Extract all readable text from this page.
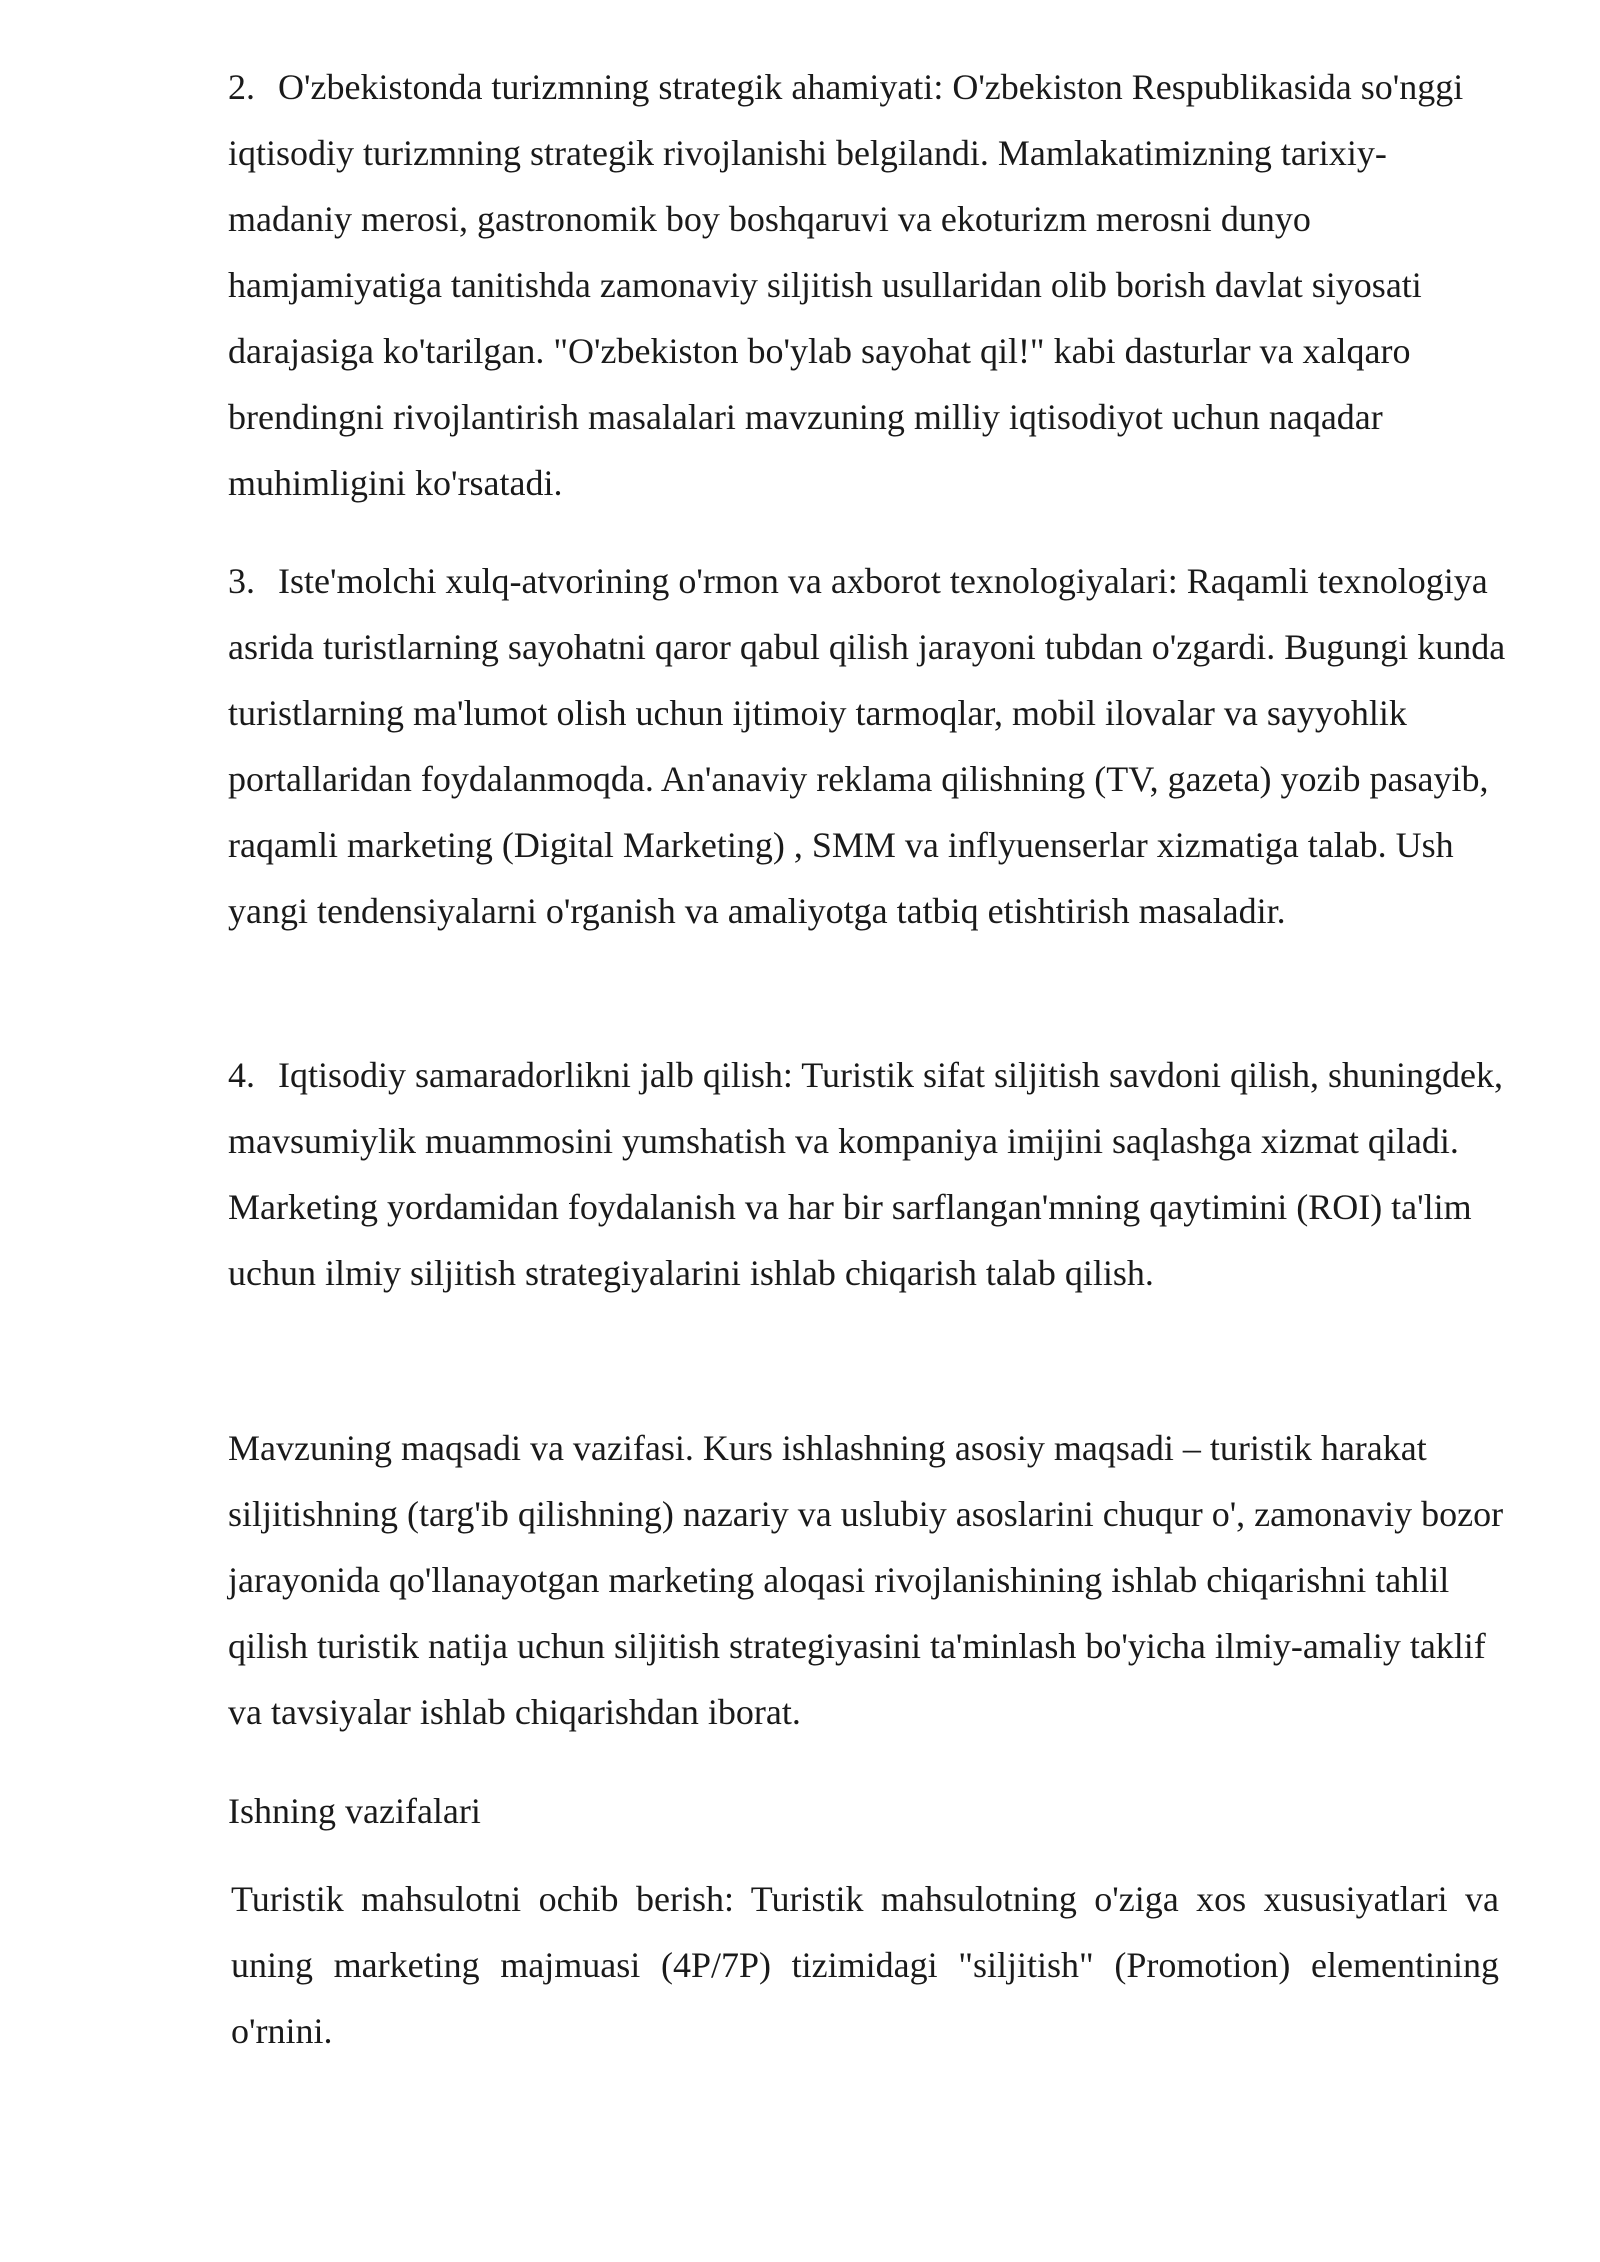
2. O'zbekistonda turizmning strategik ahamiyati: O'zbekiston Respublikasida so'nggi iqtisodiy turizmning strategik rivojlanishi belgilandi. Mamlakatimizning tarixiy-madaniy merosi, gastronomik boy boshqaruvi va ekoturizm merosni dunyo hamjamiyatiga tanitishda zamonaviy siljitish usullaridan olib borish davlat siyosati darajasiga ko'tarilgan. "O'zbekiston bo'ylab sayohat qil!" kabi dasturlar va xalqaro brendingni rivojlantirish masalalari mavzuning milliy iqtisodiyot uchun naqadar muhimligini ko'rsatadi.

3. Iste'molchi xulq-atvorining o'rmon va axborot texnologiyalari: Raqamli texnologiya asrida turistlarning sayohatni qaror qabul qilish jarayoni tubdan o'zgardi. Bugungi kunda turistlarning ma'lumot olish uchun ijtimoiy tarmoqlar, mobil ilovalar va sayyohlik portallaridan foydalanmoqda. An'anaviy reklama qilishning (TV, gazeta) yozib pasayib, raqamli marketing (Digital Marketing) , SMM va inflyuenserlar xizmatiga talab. Ush yangi tendensiyalarni o'rganish va amaliyotga tatbiq etishtirish masaladir.

4. Iqtisodiy samaradorlikni jalb qilish: Turistik sifat siljitish savdoni qilish, shuningdek, mavsumiylik muammosini yumshatish va kompaniya imijini saqlashga xizmat qiladi. Marketing yordamidan foydalanish va har bir sarflangan'mning qaytimini (ROI) ta'lim uchun ilmiy siljitish strategiyalarini ishlab chiqarish talab qilish.

Mavzuning maqsadi va vazifasi. Kurs ishlashning asosiy maqsadi – turistik harakat siljitishning (targ'ib qilishning) nazariy va uslubiy asoslarini chuqur o', zamonaviy bozor jarayonida qo'llanayotgan marketing aloqasi rivojlanishining ishlab chiqarishni tahlil qilish turistik natija uchun siljitish strategiyasini ta'minlash bo'yicha ilmiy-amaliy taklif va tavsiyalar ishlab chiqarishdan iborat.

Ishning vazifalari

Turistik mahsulotni ochib berish: Turistik mahsulotning o'ziga xos xususiyatlari va uning marketing majmuasi (4P/7P) tizimidagi "siljitish" (Promotion) elementining o'rnini.
